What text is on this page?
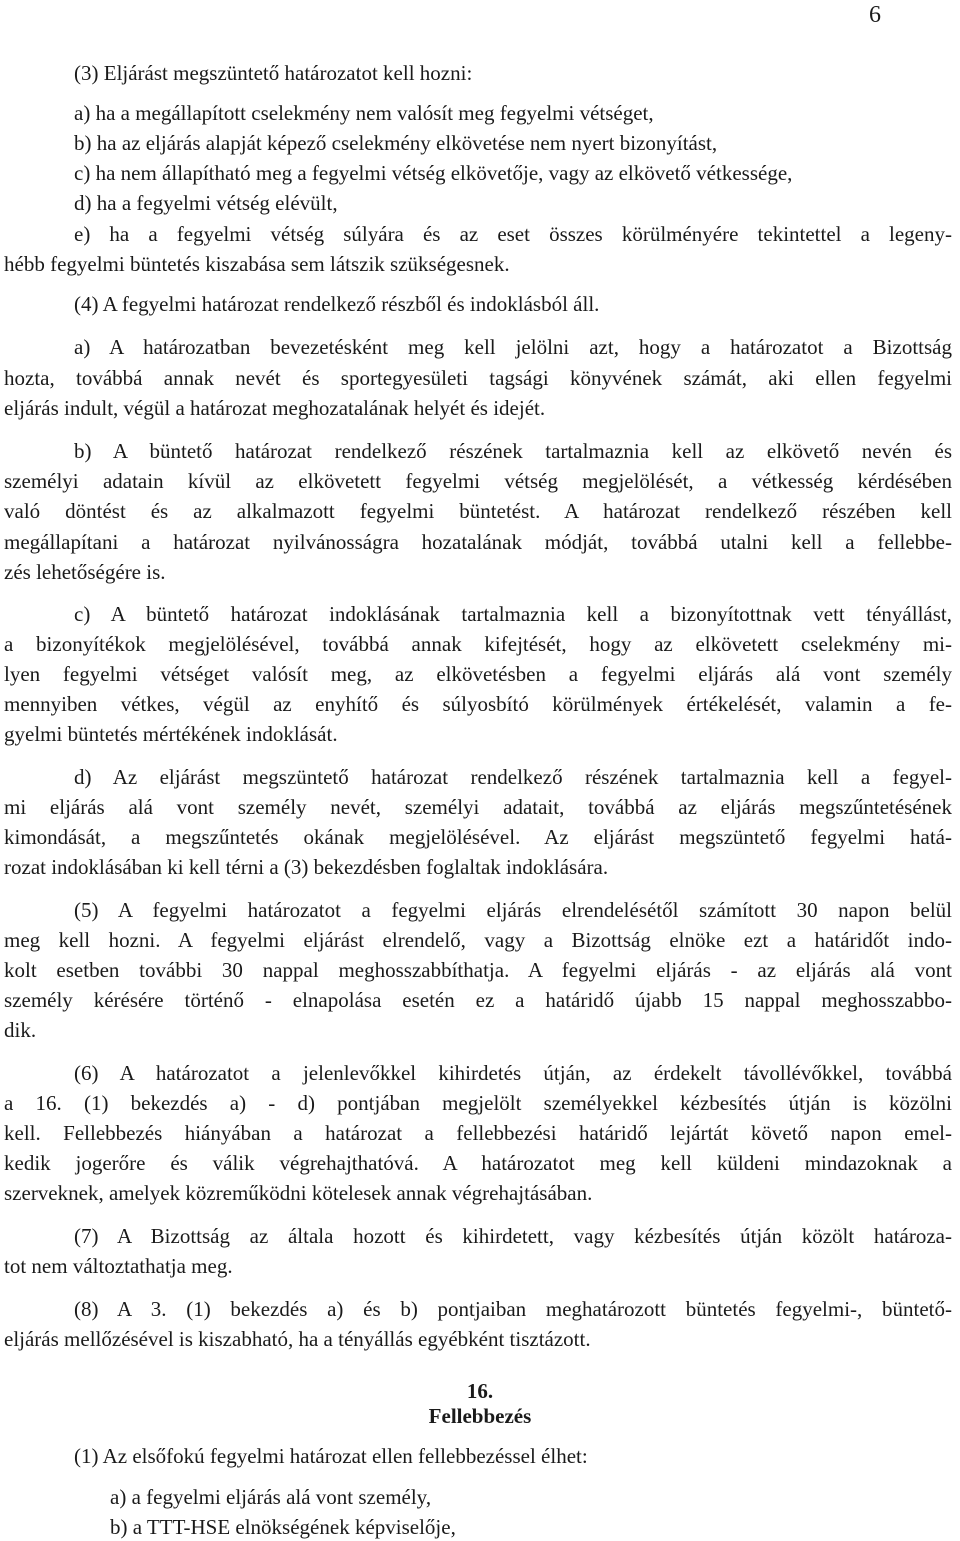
6

(3) Eljárást megszüntető határozatot kell hozni:

a) ha a megállapított cselekmény nem valósít meg fegyelmi vétséget,

b) ha az eljárás alapját képező cselekmény elkövetése nem nyert bizonyítást,

c) ha nem állapítható meg a fegyelmi vétség elkövetője, vagy az elkövető vétkessége,

d) ha a fegyelmi vétség elévült,

e) ha a fegyelmi vétség súlyára és az eset összes körülményére tekintettel a legeny-

hébb fegyelmi büntetés kiszabása sem látszik szükségesnek.

(4) A fegyelmi határozat rendelkező részből és indoklásból áll.

a) A határozatban bevezetésként meg kell jelölni azt, hogy a határozatot a Bizottság

hozta, továbbá annak nevét és sportegyesületi tagsági könyvének számát, aki ellen fegyelmi

eljárás indult, végül a határozat meghozatalának helyét és idejét.

b) A büntető határozat rendelkező részének tartalmaznia kell az elkövető nevén és

személyi adatain kívül az elkövetett fegyelmi vétség megjelölését, a vétkesség kérdésében

való döntést és az alkalmazott fegyelmi büntetést. A határozat rendelkező részében kell

megállapítani a határozat nyilvánosságra hozatalának módját, továbbá utalni kell a fellebbe-

zés lehetőségére is.

c) A büntető határozat indoklásának tartalmaznia kell a bizonyítottnak vett tényállást,

a bizonyítékok megjelölésével, továbbá annak kifejtését, hogy az elkövetett cselekmény mi-

lyen fegyelmi vétséget valósít meg, az elkövetésben a fegyelmi eljárás alá vont személy

mennyiben vétkes, végül az enyhítő és súlyosbító körülmények értékelését, valamin a fe-

gyelmi büntetés mértékének indoklását.

d) Az eljárást megszüntető határozat rendelkező részének tartalmaznia kell a fegyel-

mi eljárás alá vont személy nevét, személyi adatait, továbbá az eljárás megszűntetésének

kimondását, a megszűntetés okának megjelölésével. Az eljárást megszüntető fegyelmi hatá-

rozat indoklásában ki kell térni a (3) bekezdésben foglaltak indoklására.

(5) A fegyelmi határozatot a fegyelmi eljárás elrendelésétől számított 30 napon belül

meg kell hozni. A fegyelmi eljárást elrendelő, vagy a Bizottság elnöke ezt a határidőt indo-

kolt esetben további 30 nappal meghosszabbíthatja. A fegyelmi eljárás - az eljárás alá vont

személy kérésére történő - elnapolása esetén ez a határidő újabb 15 nappal meghosszabbo-

dik.

(6) A határozatot a jelenlevőkkel kihirdetés útján, az érdekelt távollévőkkel, továbbá

a 16. (1) bekezdés a) - d) pontjában megjelölt személyekkel kézbesítés útján is közölni

kell. Fellebbezés hiányában a határozat a fellebbezési határidő lejártát követő napon emel-

kedik jogerőre és válik végrehajthatóvá. A határozatot meg kell küldeni mindazoknak a

szerveknek, amelyek közreműködni kötelesek annak végrehajtásában.

(7) A Bizottság az általa hozott és kihirdetett, vagy kézbesítés útján közölt határoza-

tot nem változtathatja meg.

(8) A 3. (1) bekezdés a) és b) pontjaiban meghatározott büntetés fegyelmi-, büntető-

eljárás mellőzésével is kiszabható, ha a tényállás egyébként tisztázott.

16.

Fellebbezés

(1) Az elsőfokú fegyelmi határozat ellen fellebbezéssel élhet:

a) a fegyelmi eljárás alá vont személy,

b) a TTT-HSE elnökségének képviselője,
